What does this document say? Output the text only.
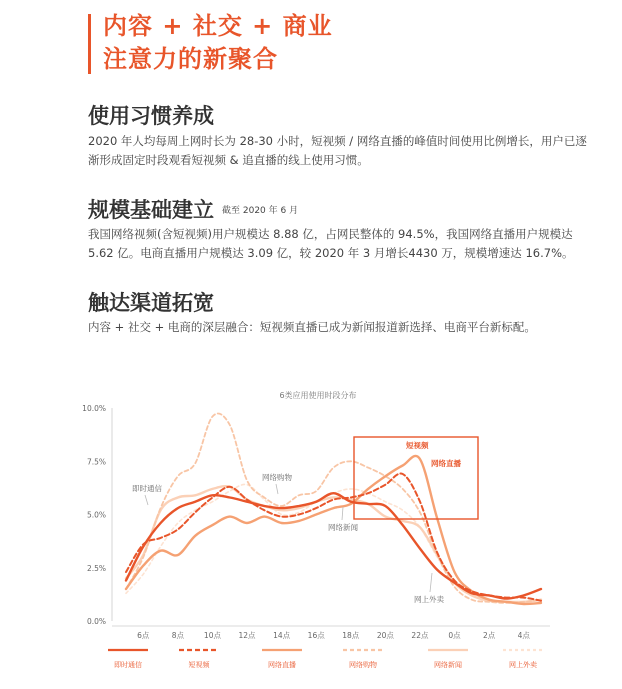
内容 + 社交 + 商业
注意力的新聚合
使用习惯养成
2020 年人均每周上网时长为 28-30 小时，短视频 / 网络直播的峰值时间使用比例增长，用户已逐渐形成固定时段观看短视频 & 追直播的线上使用习惯。
规模基础建立 截至 2020 年 6 月
我国网络视频(含短视频)用户规模达 8.88 亿，占网民整体的 94.5%，我国网络直播用户规模达 5.62 亿。电商直播用户规模达 3.09 亿，较 2020 年 3 月增长4430 万，规模增速达 16.7%。
触达渠道拓宽
内容 + 社交 + 电商的深层融合：短视频直播已成为新闻报道新选择、电商平台新标配。
6类应用使用时段分布
0.0%
2.5%
5.0%
7.5%
10.0%
6点	8点	10点 12点 14点 16点 18点 20点 22点	0点	2点	4点
即时通信
网络购物
网络新闻
网上外卖
短视频
网络直播
即时通信	短视频	网络直播	网络购物	网络新闻	网上外卖
